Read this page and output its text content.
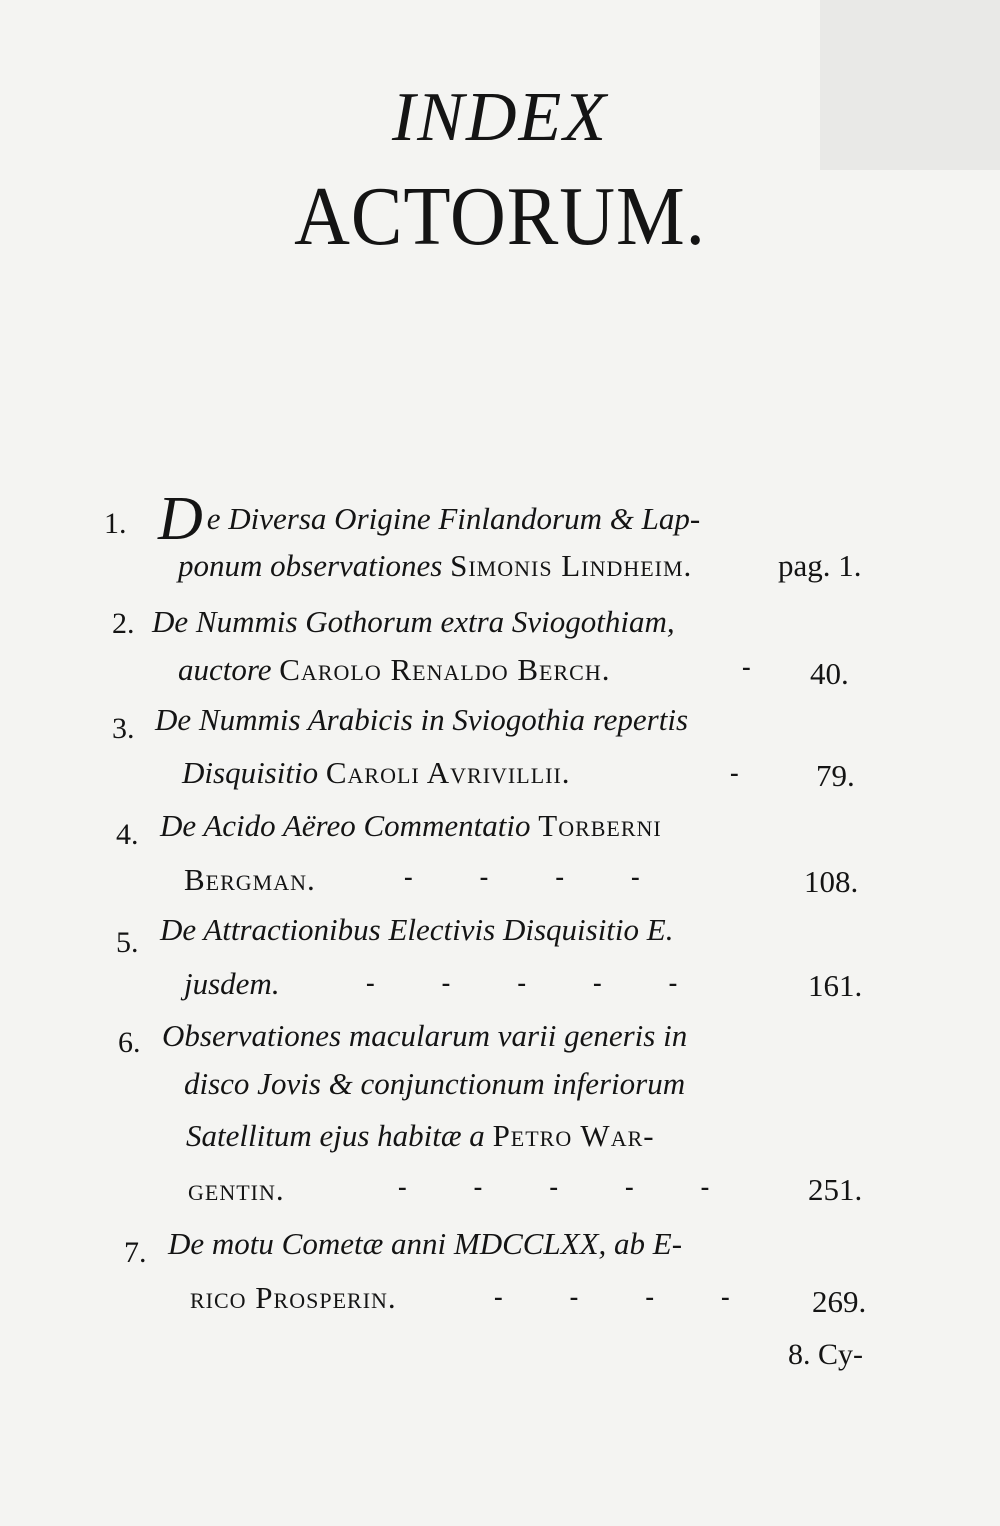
INDEX
ACTORUM.
1. De Diversa Origine Finlandorum & Lap-
ponum observationes Simonis Lindheim.	pag. 1.
2. De Nummis Gothorum extra Sviogothiam,
auctore Carolo Renaldo Berch.	- 40.
3. De Nummis Arabicis in Sviogothia repertis
Disquisitio Caroli Avrivillii.	- 79.
4. De Acido Aëreo Commentatio Torberni
Bergman.	-      -      -      -	108.
5. De Attractionibus Electivis Disquisitio E.
jusdem.	-      -      -      -      -	161.
6. Observationes macularum varii generis in
disco Jovis & conjunctionum inferiorum
Satellitum ejus habitæ a Petro War-
gentin.	-      -      -      -      -	251.
7. De motu Cometæ anni MDCCLXX, ab E-
rico Prosperin.	-      -      -      -	269.
8. Cy-
